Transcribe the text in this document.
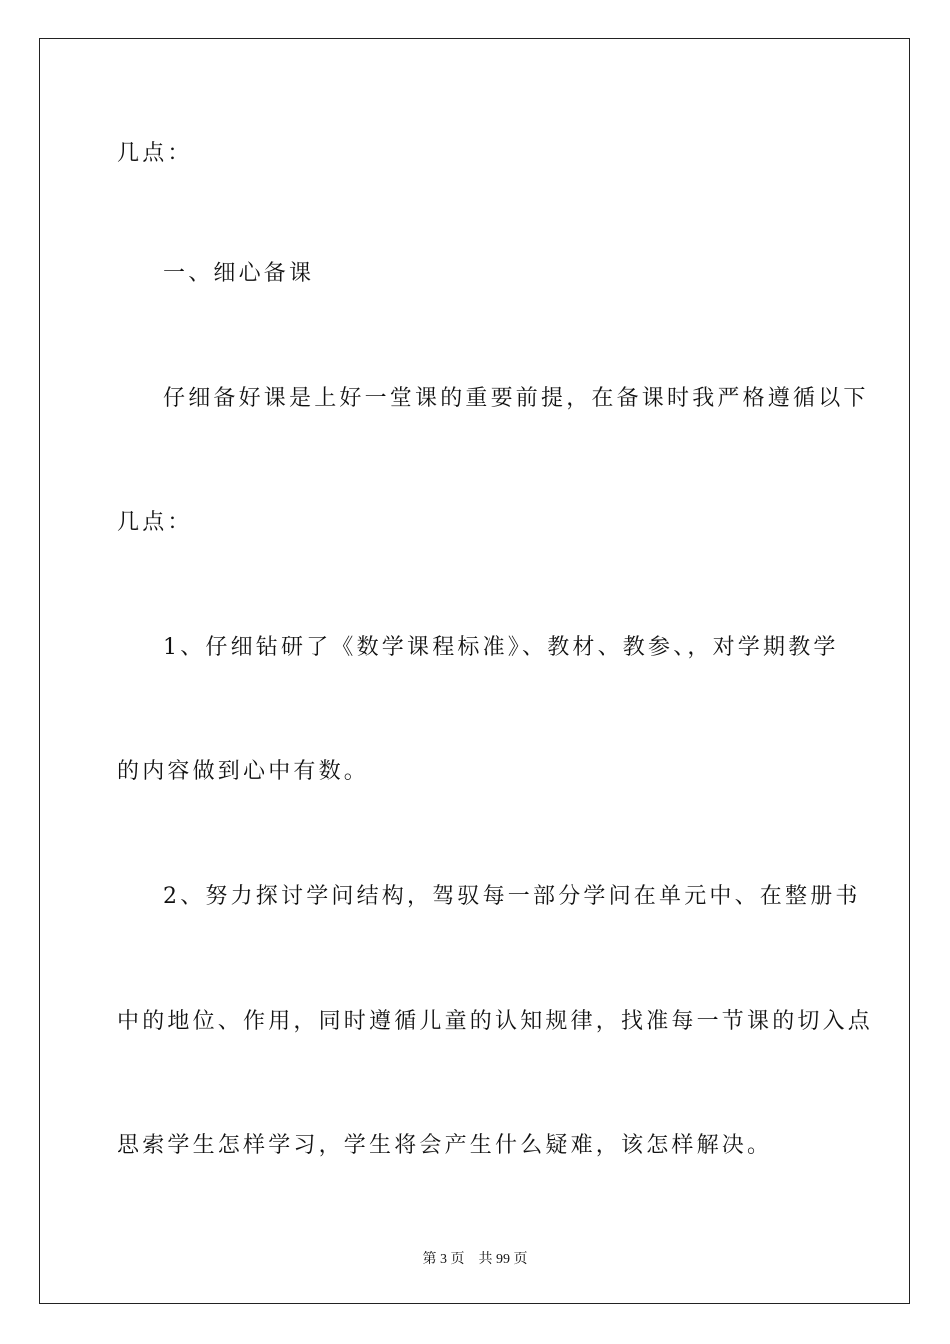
几点：
一、细心备课
仔细备好课是上好一堂课的重要前提，在备课时我严格遵循以下
几点：
1、仔细钻研了《数学课程标准》、教材、教参、，对学期教学
的内容做到心中有数。
2、努力探讨学问结构，驾驭每一部分学问在单元中、在整册书
中的地位、作用，同时遵循儿童的认知规律，找准每一节课的切入点
思索学生怎样学习，学生将会产生什么疑难，该怎样解决。
第 3 页　共 99 页
